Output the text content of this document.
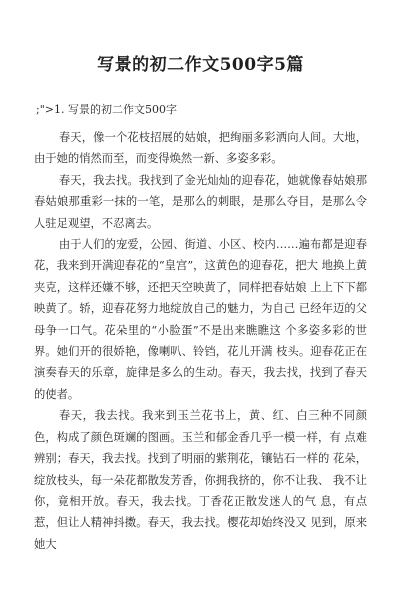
写景的初二作文500字5篇
;">1. 写景的初二作文500字

春天，像一个花枝招展的姑娘，把绚丽多彩洒向人间。大地，由于她的悄然而至，而变得焕然一新、多姿多彩。

春天，我去找。我找到了金光灿灿的迎春花，她就像春姑娘那春姑娘那重彩一抹的一笔，是那么的刺眼，是那么夺目，是那么令人驻足观望，不忍离去。

由于人们的宠爱，公园、街道、小区、校内……遍布都是迎春花，我来到开满迎春花的“皇宫”，这黄色的迎春花，把大 地换上黄夹克，这样还嫌不够，还把天空映黄了，同样把春姑娘 上上下下都映黄了。轿，迎春花努力地绽放自己的魅力，为自己 已经年迈的父母争一口气。花朵里的“小脸蛋”不是出来瞧瞧这 个多姿多彩的世界。她们开的很娇艳，像喇叭、铃铛，花儿开满 枝头。迎春花正在演奏春天的乐章，旋律是多么的生动。春天，我去找，找到了春天的使者。

春天，我去找。我来到玉兰花书上，黄、红、白三种不同颜色，构成了颜色斑斓的图画。玉兰和郁金香几乎一模一样，有 点难辨别；春天，我去找。找到了明丽的紫荆花，镶钻石一样的 花朵，绽放枝头，每一朵花都散发芳香，你拥我挤的，你不让我、 我不让你，竟相开放。春天，我去找。丁香花正散发迷人的气 息，有点惹，但让人精神抖擞。春天，我去找。樱花却始终没又 见到，原来她大
